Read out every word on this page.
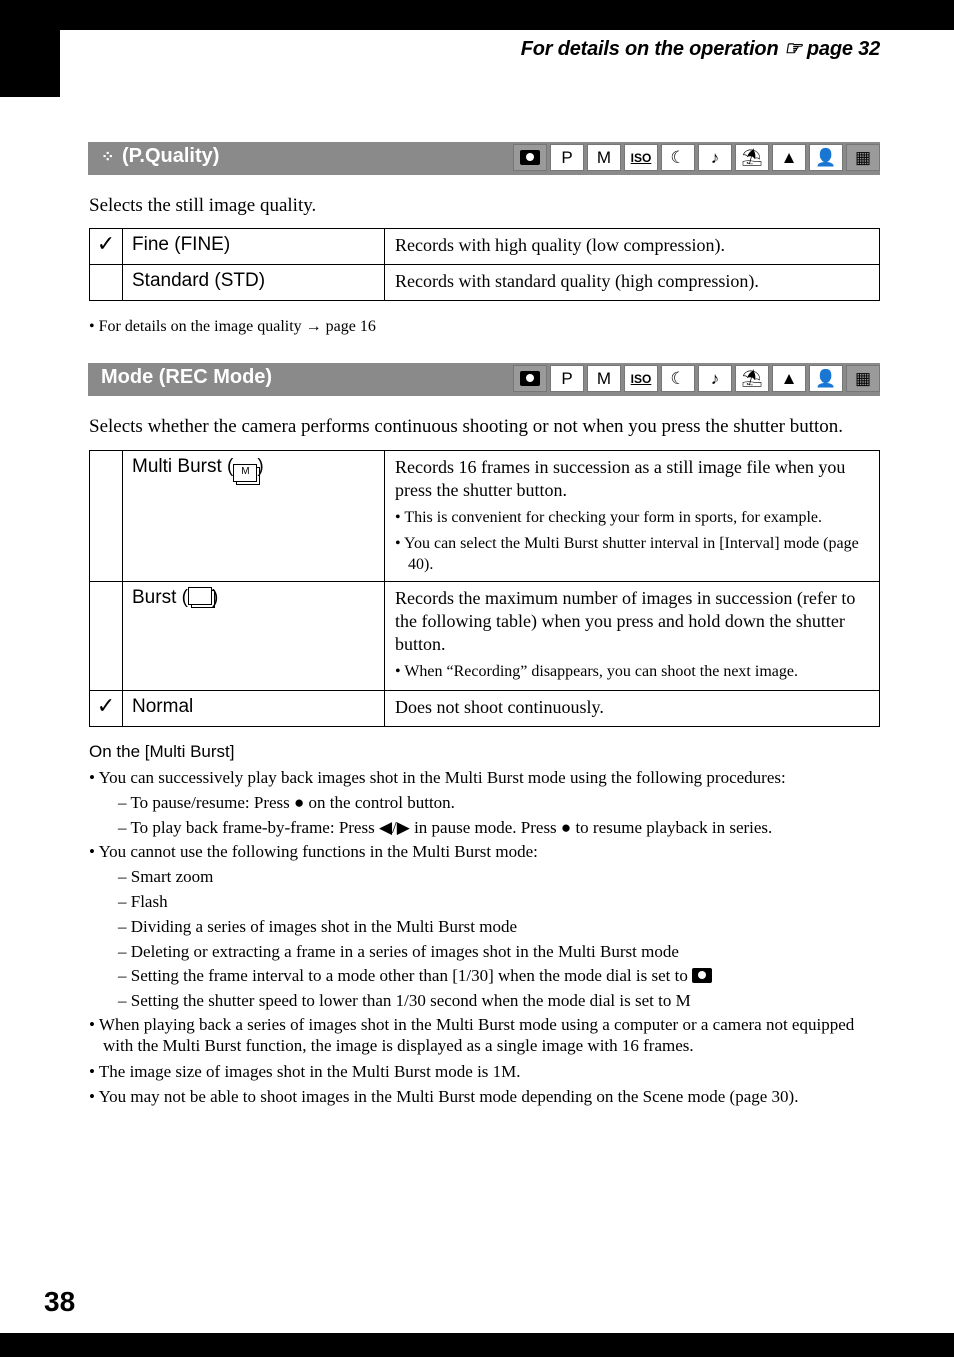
For details on the operation ☞ page 32
⁘ (P.Quality)	P	M	ISO	☾	♪	⛱	▲	👤	▦
Selects the still image quality.
✓	Fine (FINE)	Records with high quality (low compression).
	Standard (STD)	Records with standard quality (high compression).
• For details on the image quality → page 16
Mode (REC Mode)	P	M	ISO	☾	♪	⛱	▲	👤	▦
Selects whether the camera performs continuous shooting or not when you press the shutter button.
	Multi Burst ( M )	Records 16 frames in succession as a still image file when you press the shutter button.
• This is convenient for checking your form in sports, for example.
• You can select the Multi Burst shutter interval in [Interval] mode (page 40).

	Burst ( )	Records the maximum number of images in succession (refer to the following table) when you press and hold down the shutter button.
• When “Recording” disappears, you can shoot the next image.

✓	Normal	Does not shoot continuously.
On the [Multi Burst]
• You can successively play back images shot in the Multi Burst mode using the following procedures:
– To pause/resume: Press ● on the control button.
– To play back frame-by-frame: Press ◀/▶ in pause mode. Press ● to resume playback in series.
• You cannot use the following functions in the Multi Burst mode:
– Smart zoom
– Flash
– Dividing a series of images shot in the Multi Burst mode
– Deleting or extracting a frame in a series of images shot in the Multi Burst mode
– Setting the frame interval to a mode other than [1/30] when the mode dial is set to
– Setting the shutter speed to lower than 1/30 second when the mode dial is set to M
• When playing back a series of images shot in the Multi Burst mode using a computer or a camera not equipped with the Multi Burst function, the image is displayed as a single image with 16 frames.
• The image size of images shot in the Multi Burst mode is 1M.
• You may not be able to shoot images in the Multi Burst mode depending on the Scene mode (page 30).
38
